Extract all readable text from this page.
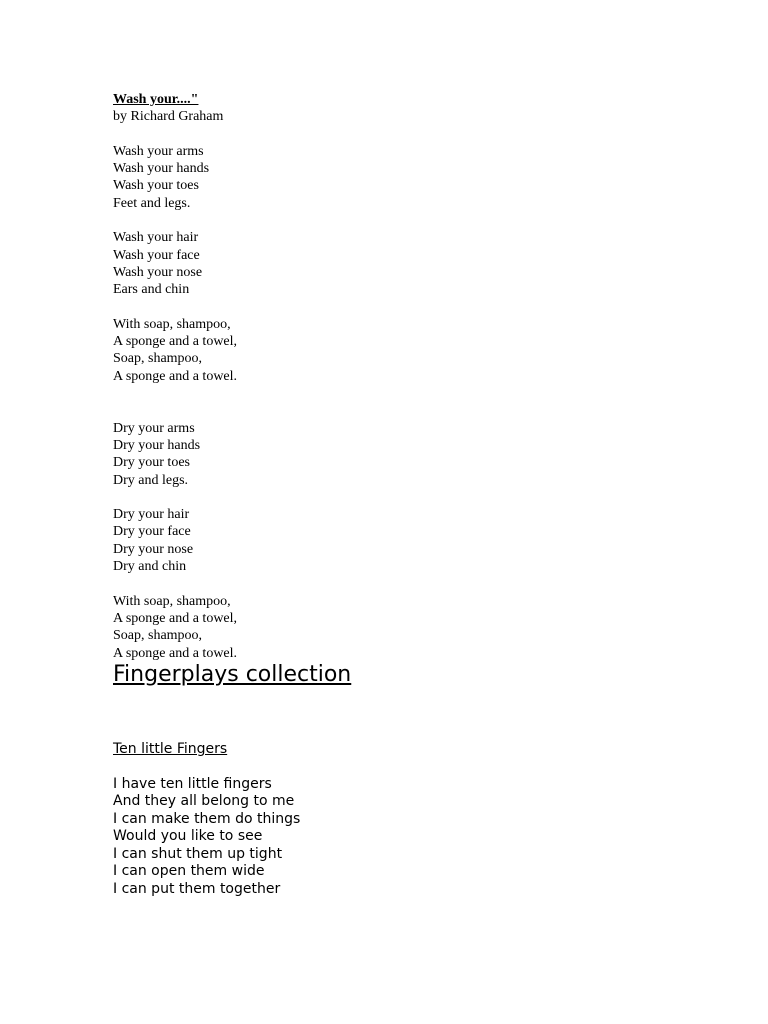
Wash your...."
by Richard Graham
Wash your arms
Wash your hands
Wash your toes
Feet and legs.
Wash your hair
Wash your face
Wash your nose
Ears and chin
With soap, shampoo,
A sponge and a towel,
Soap, shampoo,
A sponge and a towel.
Dry your arms
Dry your hands
Dry your toes
Dry and legs.
Dry your hair
Dry your face
Dry your nose
Dry and chin
With soap, shampoo,
A sponge and a towel,
Soap, shampoo,
A sponge and a towel.
Fingerplays collection
Ten little Fingers
I have ten little fingers
And they all belong to me
I can make them do things
Would you like to see
I can shut them up tight
I can open them wide
I can put them together
